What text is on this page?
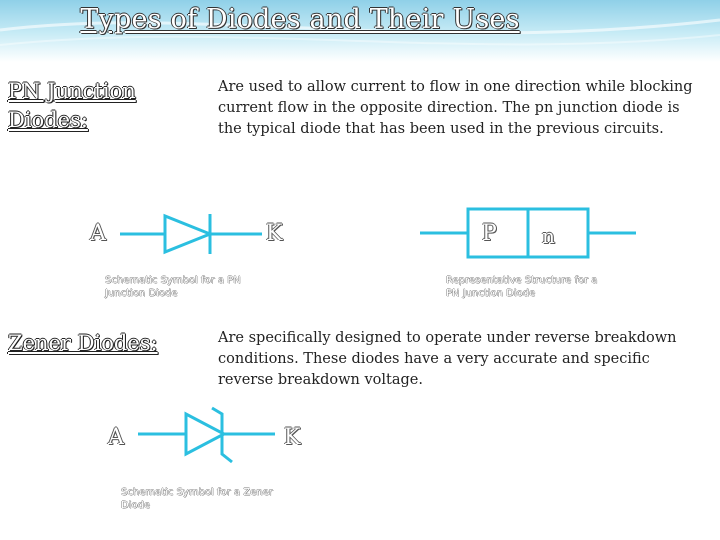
Types of Diodes and Their Uses
PN Junction
Diodes:
Are used to allow current to flow in one direction while blocking current flow in the opposite direction. The pn junction diode is the typical diode that has been used in the previous circuits.
A	K	P n
Schematic Symbol for a PN
Junction Diode
Representative Structure for a
PN Junction Diode
Zener Diodes:	Are specifically designed to operate under reverse breakdown conditions. These diodes have a very accurate and specific reverse breakdown voltage.
A	K
Schematic Symbol for a Zener
Diode
